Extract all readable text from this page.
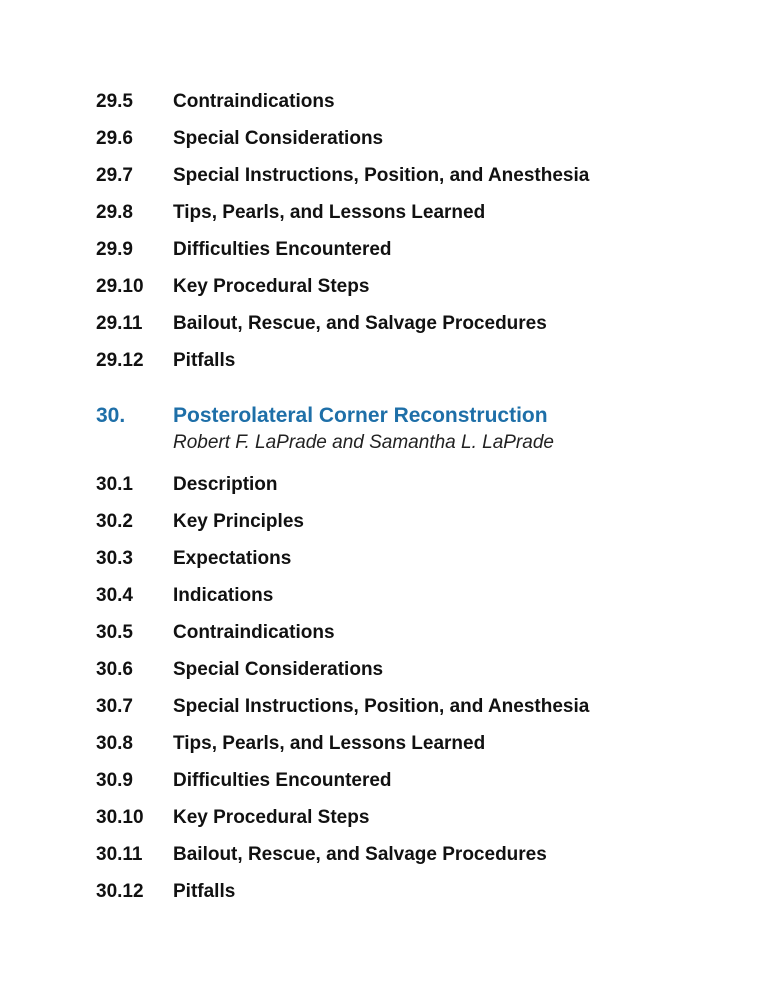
29.5	Contraindications
29.6	Special Considerations
29.7	Special Instructions, Position, and Anesthesia
29.8	Tips, Pearls, and Lessons Learned
29.9	Difficulties Encountered
29.10	Key Procedural Steps
29.11	Bailout, Rescue, and Salvage Procedures
29.12	Pitfalls
30.	Posterolateral Corner Reconstruction
Robert F. LaPrade and Samantha L. LaPrade
30.1	Description
30.2	Key Principles
30.3	Expectations
30.4	Indications
30.5	Contraindications
30.6	Special Considerations
30.7	Special Instructions, Position, and Anesthesia
30.8	Tips, Pearls, and Lessons Learned
30.9	Difficulties Encountered
30.10	Key Procedural Steps
30.11	Bailout, Rescue, and Salvage Procedures
30.12	Pitfalls
